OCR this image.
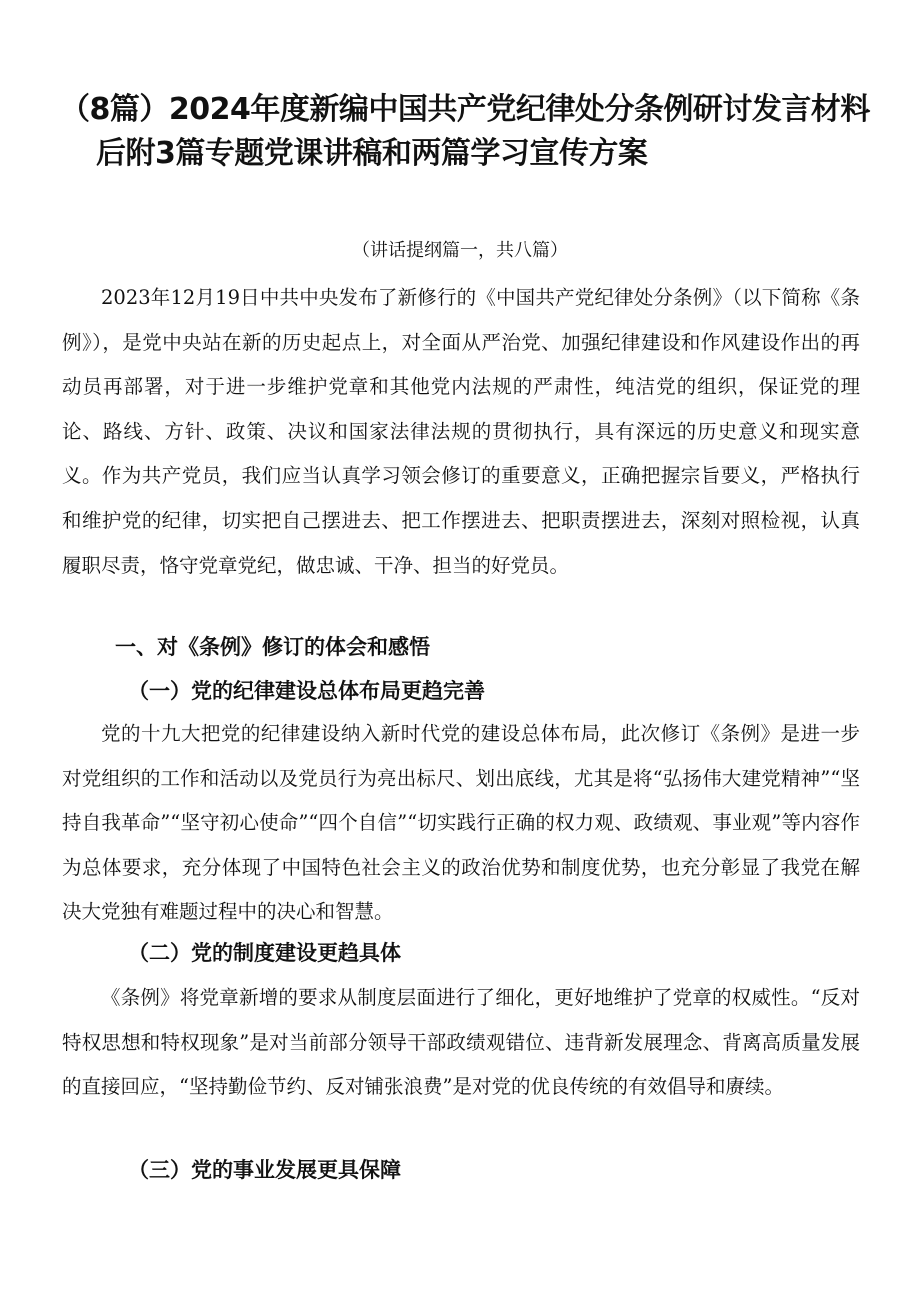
（8篇）2024年度新编中国共产党纪律处分条例研讨发言材料
后附3篇专题党课讲稿和两篇学习宣传方案
（讲话提纲篇一，共八篇）

2023年12月19日中共中央发布了新修行的《中国共产党纪律处分条例》（以下简称《条例》），是党中央站在新的历史起点上，对全面从严治党、加强纪律建设和作风建设作出的再动员再部署，对于进一步维护党章和其他党内法规的严肃性，纯洁党的组织，保证党的理论、路线、方针、政策、决议和国家法律法规的贯彻执行，具有深远的历史意义和现实意义。作为共产党员，我们应当认真学习领会修订的重要意义，正确把握宗旨要义，严格执行和维护党的纪律，切实把自己摆进去、把工作摆进去、把职责摆进去，深刻对照检视，认真履职尽责，恪守党章党纪，做忠诚、干净、担当的好党员。

一、对《条例》修订的体会和感悟
（一）党的纪律建设总体布局更趋完善

党的十九大把党的纪律建设纳入新时代党的建设总体布局，此次修订《条例》是进一步对党组织的工作和活动以及党员行为亮出标尺、划出底线，尤其是将“弘扬伟大建党精神”“坚持自我革命”“坚守初心使命”“四个自信”“切实践行正确的权力观、政绩观、事业观”等内容作为总体要求，充分体现了中国特色社会主义的政治优势和制度优势，也充分彰显了我党在解决大党独有难题过程中的决心和智慧。

（二）党的制度建设更趋具体

《条例》将党章新增的要求从制度层面进行了细化，更好地维护了党章的权威性。“反对特权思想和特权现象”是对当前部分领导干部政绩观错位、违背新发展理念、背离高质量发展的直接回应，“坚持勤俭节约、反对铺张浪费”是对党的优良传统的有效倡导和赓续。

（三）党的事业发展更具保障
